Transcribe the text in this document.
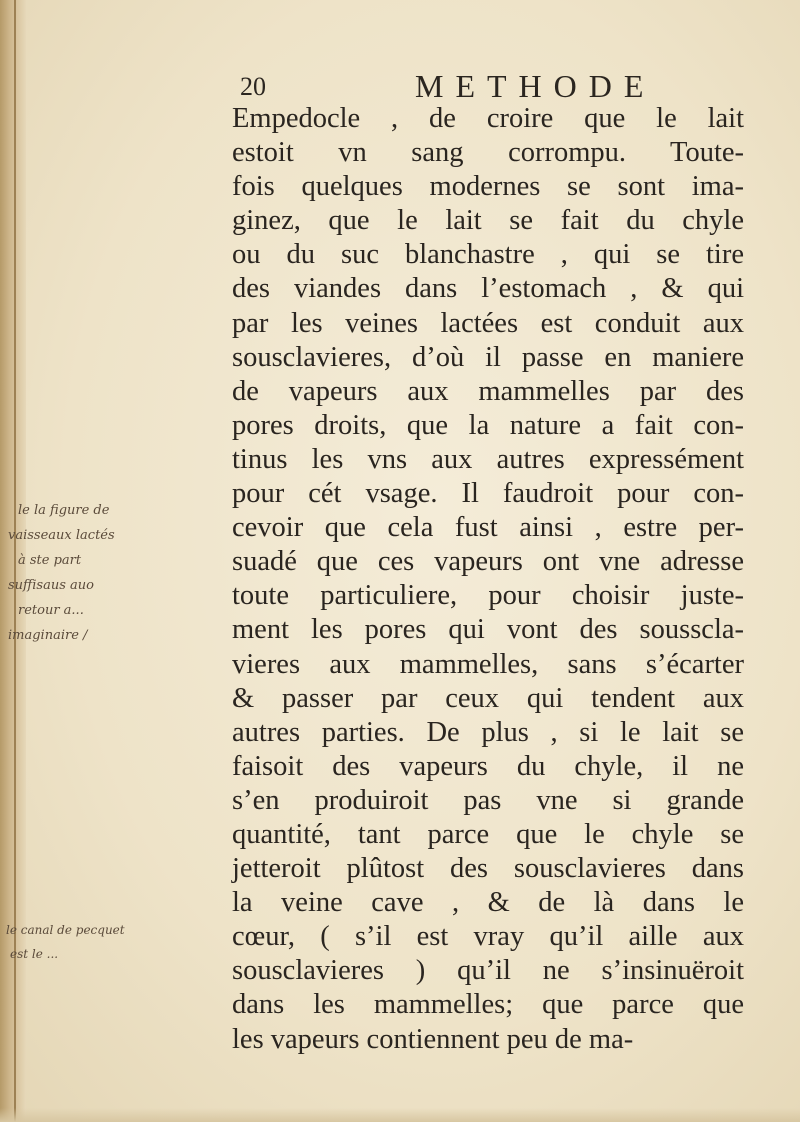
20	METHODE
Empedocle , de croire que le lait
estoit vn sang corrompu. Toute-
fois quelques modernes se sont ima-
ginez, que le lait se fait du chyle
ou du suc blanchastre , qui se tire
des viandes dans l’estomach , & qui
par les veines lactées est conduit aux
sousclavieres, d’où il passe en maniere
de vapeurs aux mammelles par des
pores droits, que la nature a fait con-
tinus les vns aux autres expressément
pour cét vsage. Il faudroit pour con-
cevoir que cela fust ainsi , estre per-
suadé que ces vapeurs ont vne adresse
toute particuliere, pour choisir juste-
ment les pores qui vont des sousscla-
vieres aux mammelles, sans s’écarter
& passer par ceux qui tendent aux
autres parties. De plus , si le lait se
faisoit des vapeurs du chyle, il ne
s’en produiroit pas vne si grande
quantité, tant parce que le chyle se
jetteroit plûtost des sousclavieres dans
la veine cave , & de là dans le
cœur, ( s’il est vray qu’il aille aux
sousclavieres ) qu’il ne s’insinuëroit
dans les mammelles; que parce que
les vapeurs contiennent peu de ma-
le la figure de
vaisseaux lactés
à ste part
suffisaus auo
retour a...
imaginaire /
le canal de pecquet
est le ...
